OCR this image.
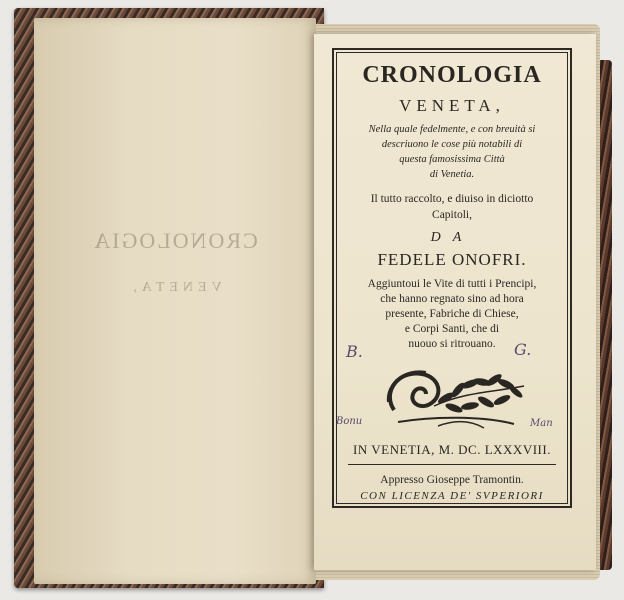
CRONOLOGIA
VENETA,
CRONOLOGIA
VENETA,
Nella quale fedelmente, e con breuità si
descriuono le cose più notabili di
questa famosissima Città
di Venetia.
Il tutto raccolto, e diuiso in diciotto
Capitoli,
DA
FEDELE ONOFRI.
Aggiuntoui le Vite di tutti i Prencipi,
che hanno regnato sino ad hora
presente, Fabriche di Chiese,
e Corpi Santi, che di
nuouo si ritrouano.
B.	G.
Bonu	Man
IN VENETIA, M. DC. LXXXVIII.
Appresso Gioseppe Tramontin.
CON LICENZA DE' SVPERIORI
